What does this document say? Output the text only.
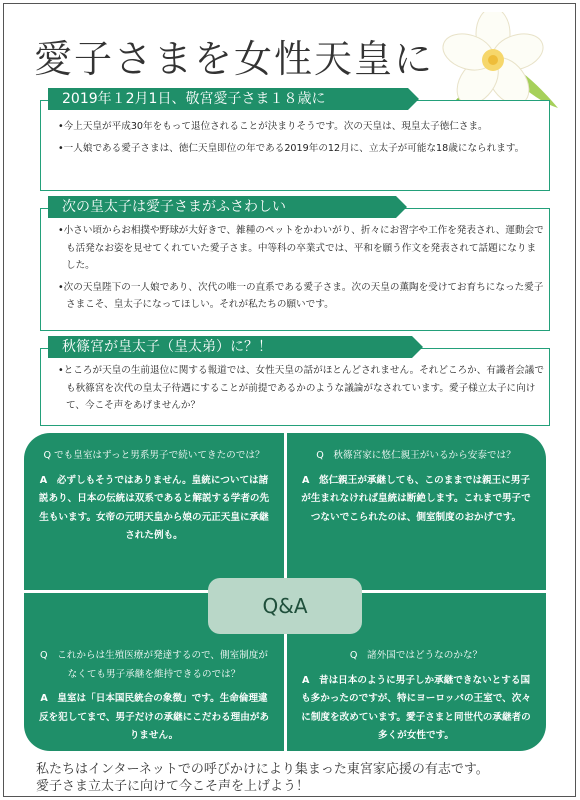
愛子さまを女性天皇に
2019年１2月1日、敬宮愛子さま１８歳に

•今上天皇が平成30年をもって退位されることが決まりそうです。次の天皇は、現皇太子徳仁さま。

•一人娘である愛子さまは、徳仁天皇即位の年である2019年の12月に、立太子が可能な18歳になられます。

次の皇太子は愛子さまがふさわしい

•小さい頃からお相撲や野球が大好きで、雑種のペットをかわいがり、折々にお習字や工作を発表され、運動会でも活発なお姿を見せてくれていた愛子さま。中等科の卒業式では、平和を願う作文を発表されて話題になりました。

•次の天皇陛下の一人娘であり、次代の唯一の直系である愛子さま。次の天皇の薫陶を受けてお育ちになった愛子さまこそ、皇太子になってほしい。それが私たちの願いです。

秋篠宮が皇太子（皇太弟）に？！

•ところが天皇の生前退位に関する報道では、女性天皇の話がほとんどされません。それどころか、有識者会議でも秋篠宮を次代の皇太子待遇にすることが前提であるかのような議論がなされています。愛子様立太子に向けて、今こそ声をあげませんか？

Q でも皇室はずっと男系男子で続いてきたのでは？

A　必ずしもそうではありません。皇統については諸説あり、日本の伝統は双系であると解説する学者の先生もいます。女帝の元明天皇から娘の元正天皇に承継された例も。

Q　秋篠宮家に悠仁親王がいるから安泰では？

A　悠仁親王が承継しても、このままでは親王に男子が生まれなければ皇統は断絶します。これまで男子でつないでこられたのは、側室制度のおかげです。

Q　これからは生殖医療が発達するので、側室制度がなくても男子承継を維持できるのでは？

A　皇室は「日本国民統合の象徴」です。生命倫理違反を犯してまで、男子だけの承継にこだわる理由がありません。

Q　諸外国ではどうなのかな？

A　昔は日本のように男子しか承継できないとする国も多かったのですが、特にヨーロッパの王室で、次々に制度を改めています。愛子さまと同世代の承継者の多くが女性です。

Q&A

私たちはインターネットでの呼びかけにより集まった東宮家応援の有志です。

愛子さま立太子に向けて今こそ声を上げよう！
